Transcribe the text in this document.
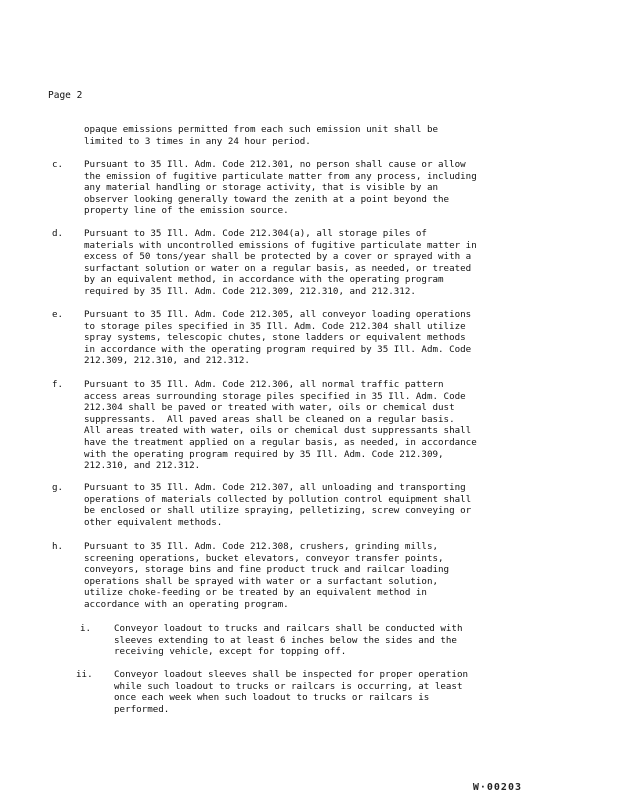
Page 2
opaque emissions permitted from each such emission unit shall be
limited to 3 times in any 24 hour period.
c.	Pursuant to 35 Ill. Adm. Code 212.301, no person shall cause or allow
the emission of fugitive particulate matter from any process, including
any material handling or storage activity, that is visible by an
observer looking generally toward the zenith at a point beyond the
property line of the emission source.
d.	Pursuant to 35 Ill. Adm. Code 212.304(a), all storage piles of
materials with uncontrolled emissions of fugitive particulate matter in
excess of 50 tons/year shall be protected by a cover or sprayed with a
surfactant solution or water on a regular basis, as needed, or treated
by an equivalent method, in accordance with the operating program
required by 35 Ill. Adm. Code 212.309, 212.310, and 212.312.
e.	Pursuant to 35 Ill. Adm. Code 212.305, all conveyor loading operations
to storage piles specified in 35 Ill. Adm. Code 212.304 shall utilize
spray systems, telescopic chutes, stone ladders or equivalent methods
in accordance with the operating program required by 35 Ill. Adm. Code
212.309, 212.310, and 212.312.
f.	Pursuant to 35 Ill. Adm. Code 212.306, all normal traffic pattern
access areas surrounding storage piles specified in 35 Ill. Adm. Code
212.304 shall be paved or treated with water, oils or chemical dust
suppressants.  All paved areas shall be cleaned on a regular basis.
All areas treated with water, oils or chemical dust suppressants shall
have the treatment applied on a regular basis, as needed, in accordance
with the operating program required by 35 Ill. Adm. Code 212.309,
212.310, and 212.312.
g.	Pursuant to 35 Ill. Adm. Code 212.307, all unloading and transporting
operations of materials collected by pollution control equipment shall
be enclosed or shall utilize spraying, pelletizing, screw conveying or
other equivalent methods.
h.	Pursuant to 35 Ill. Adm. Code 212.308, crushers, grinding mills,
screening operations, bucket elevators, conveyor transfer points,
conveyors, storage bins and fine product truck and railcar loading
operations shall be sprayed with water or a surfactant solution,
utilize choke-feeding or be treated by an equivalent method in
accordance with an operating program.
i.	Conveyor loadout to trucks and railcars shall be conducted with
sleeves extending to at least 6 inches below the sides and the
receiving vehicle, except for topping off.
ii.	Conveyor loadout sleeves shall be inspected for proper operation
while such loadout to trucks or railcars is occurring, at least
once each week when such loadout to trucks or railcars is
performed.
W·00203
